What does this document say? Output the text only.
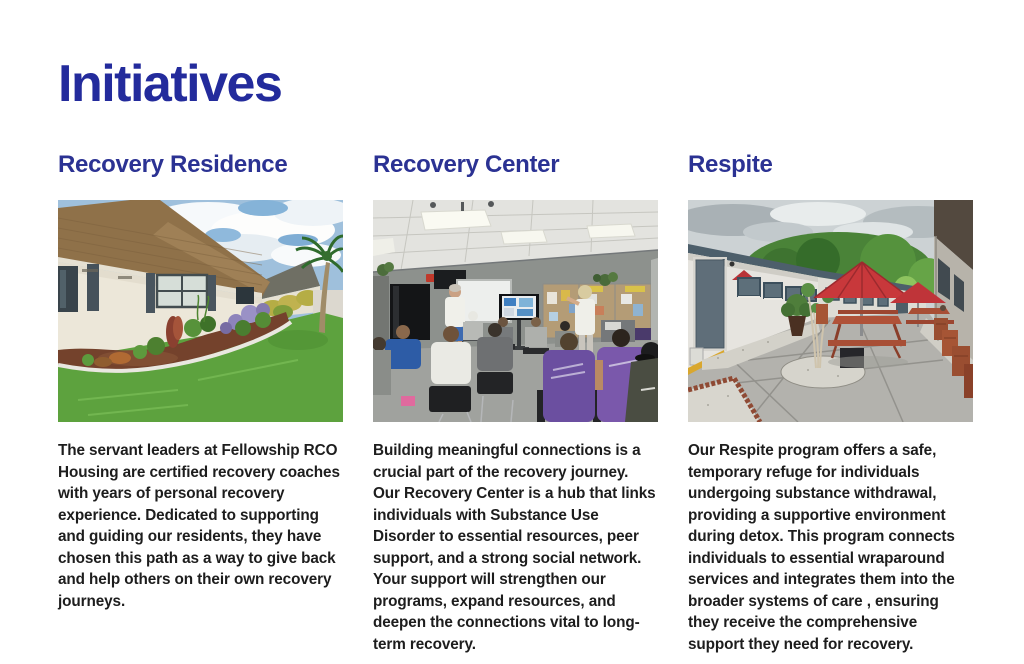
Initiatives
Recovery Residence

The servant leaders at Fellowship RCO Housing are certified recovery coaches with years of personal recovery experience. Dedicated to supporting and guiding our residents, they have chosen this path as a way to give back and help others on their own recovery journeys.

Recovery Center

Building meaningful connections is a crucial part of the recovery journey. Our Recovery Center is a hub that links individuals with Substance Use Disorder to essential resources, peer support, and a strong social network. Your support will strengthen our programs, expand resources, and deepen the connections vital to long-term recovery.

Respite

Our Respite program offers a safe, temporary refuge for individuals undergoing substance withdrawal, providing a supportive environment during detox. This program connects individuals to essential wraparound services and integrates them into the broader systems of care , ensuring they receive the comprehensive support they need for recovery.
